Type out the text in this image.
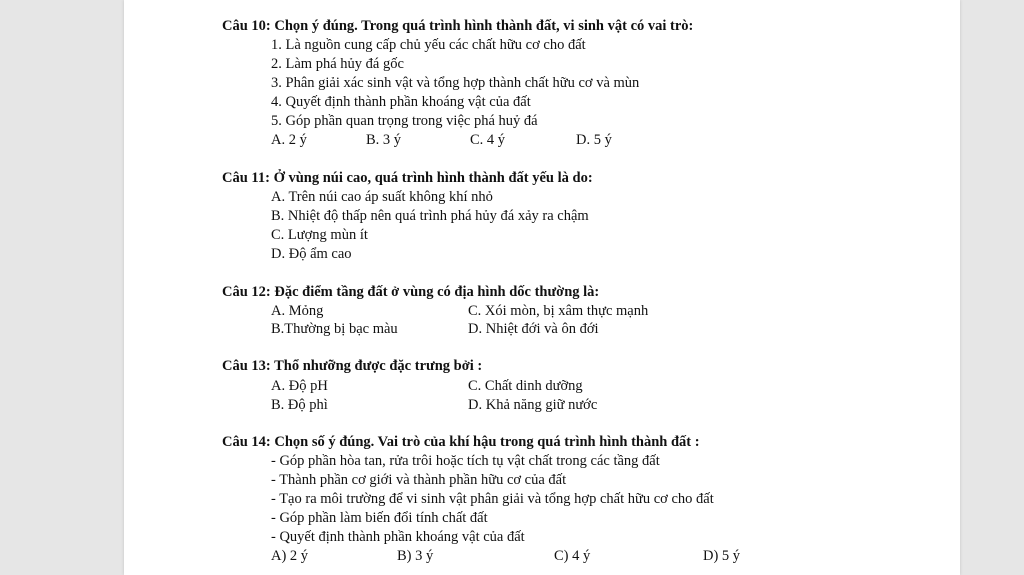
Câu 10: Chọn ý đúng. Trong quá trình hình thành đất, vi sinh vật có vai trò:
1. Là nguồn cung cấp chủ yếu các chất hữu cơ cho đất
2. Làm phá hủy đá gốc
3. Phân giải xác sinh vật và tổng hợp thành chất hữu cơ và mùn
4. Quyết định thành phần khoáng vật của đất
5. Góp phần quan trọng trong việc phá huỷ đá
A. 2 ý	B. 3 ý	C. 4 ý	D. 5 ý
Câu 11: Ở vùng núi cao, quá trình hình thành đất yếu là do:
A. Trên núi cao áp suất không khí nhỏ
B. Nhiệt độ thấp nên quá trình phá hủy đá xảy ra chậm
C. Lượng mùn ít
D. Độ ẩm cao
Câu 12: Đặc điểm tầng đất ở vùng có địa hình dốc thường là:
A. Mỏng	C. Xói mòn, bị xâm thực mạnh
B.Thường bị bạc màu	D. Nhiệt đới và ôn đới
Câu 13: Thổ nhưỡng được đặc trưng bởi :
A. Độ pH	C. Chất dinh dưỡng
B. Độ phì	D. Khả năng giữ nước
Câu 14: Chọn số ý đúng. Vai trò của khí hậu trong quá trình hình thành đất :
- Góp phần hòa tan, rửa trôi hoặc tích tụ vật chất trong các tầng đất
- Thành phần cơ giới và thành phần hữu cơ của đất
- Tạo ra môi trường để vi sinh vật phân giải và tổng hợp chất hữu cơ cho đất
- Góp phần làm biến đổi tính chất đất
- Quyết định thành phần khoáng vật của đất
A) 2 ý	B) 3 ý	C) 4 ý	D) 5 ý
